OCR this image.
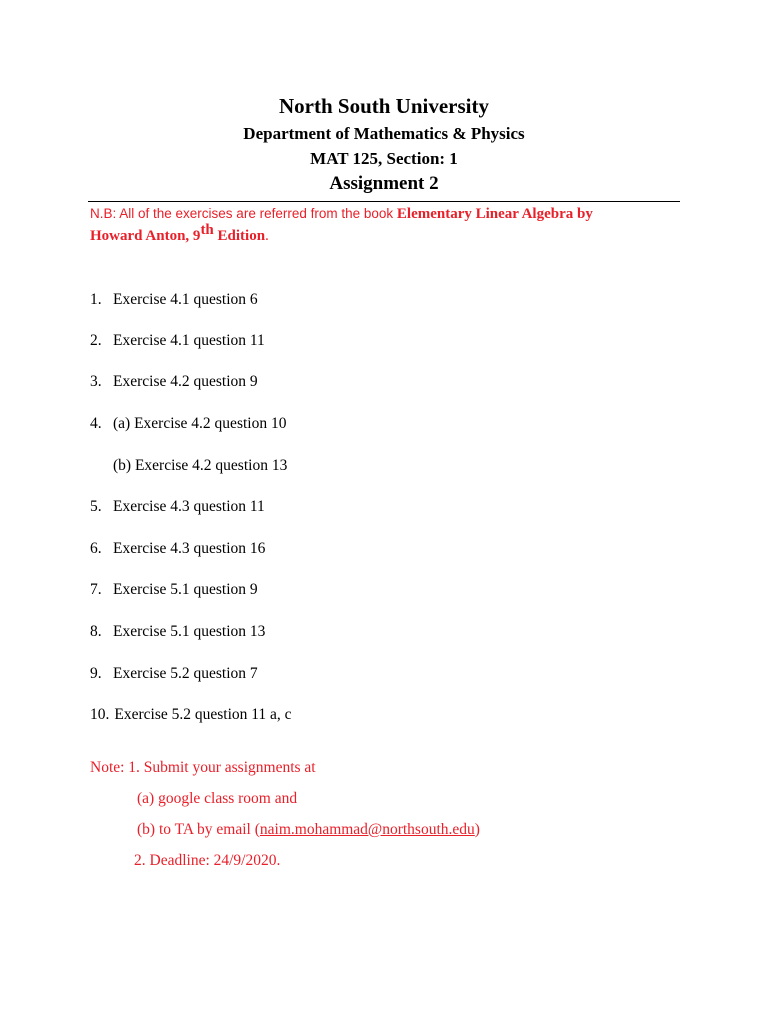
North South University
Department of Mathematics & Physics
MAT 125, Section: 1
Assignment 2
N.B: All of the exercises are referred from the book Elementary Linear Algebra by
Howard Anton, 9th Edition.
1. Exercise 4.1 question 6
2. Exercise 4.1 question 11
3. Exercise 4.2 question 9
4. (a) Exercise 4.2 question 10
(b) Exercise 4.2 question 13
5. Exercise 4.3 question 11
6. Exercise 4.3 question 16
7. Exercise 5.1 question 9
8. Exercise 5.1 question 13
9. Exercise 5.2 question 7
10. Exercise 5.2 question 11 a, c
Note: 1. Submit your assignments at
(a) google class room and
(b) to TA by email (naim.mohammad@northsouth.edu)
2. Deadline: 24/9/2020.
